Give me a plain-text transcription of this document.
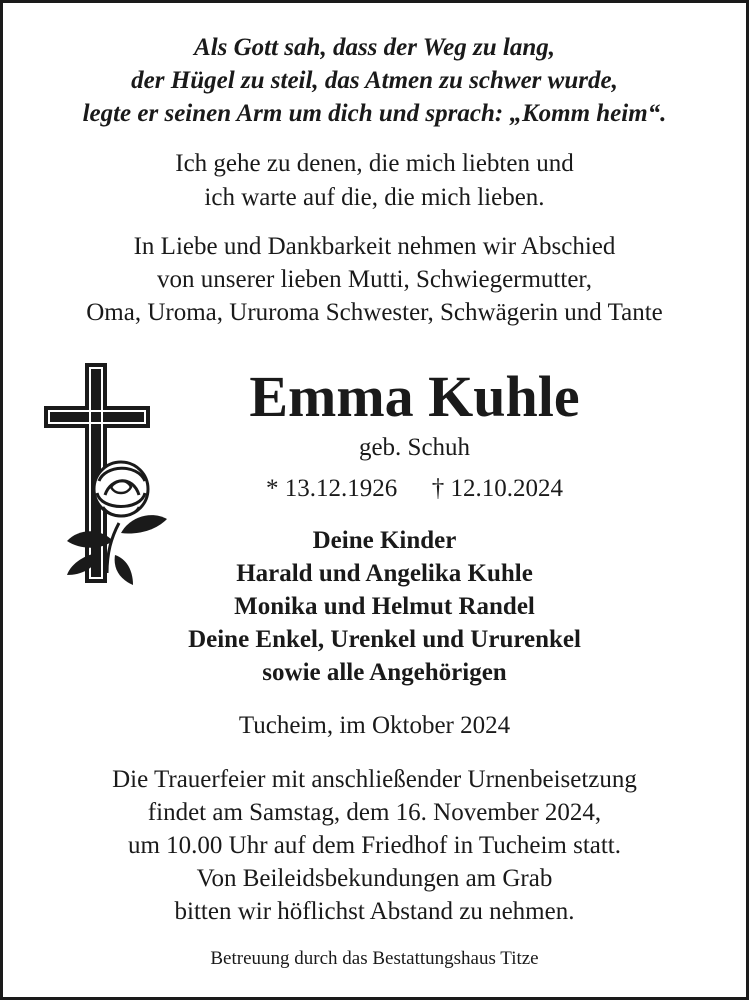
Als Gott sah, dass der Weg zu lang,
der Hügel zu steil, das Atmen zu schwer wurde,
legte er seinen Arm um dich und sprach: „Komm heim“.
Ich gehe zu denen, die mich liebten und
ich warte auf die, die mich lieben.
In Liebe und Dankbarkeit nehmen wir Abschied
von unserer lieben Mutti, Schwiegermutter,
Oma, Uroma, Ururoma Schwester, Schwägerin und Tante
Emma Kuhle
geb. Schuh
* 13.12.1926 † 12.10.2024
Deine Kinder
Harald und Angelika Kuhle
Monika und Helmut Randel
Deine Enkel, Urenkel und Ururenkel
sowie alle Angehörigen
Tucheim, im Oktober 2024
Die Trauerfeier mit anschließender Urnenbeisetzung
findet am Samstag, dem 16. November 2024,
um 10.00 Uhr auf dem Friedhof in Tucheim statt.
Von Beileidsbekundungen am Grab
bitten wir höflichst Abstand zu nehmen.
Betreuung durch das Bestattungshaus Titze
